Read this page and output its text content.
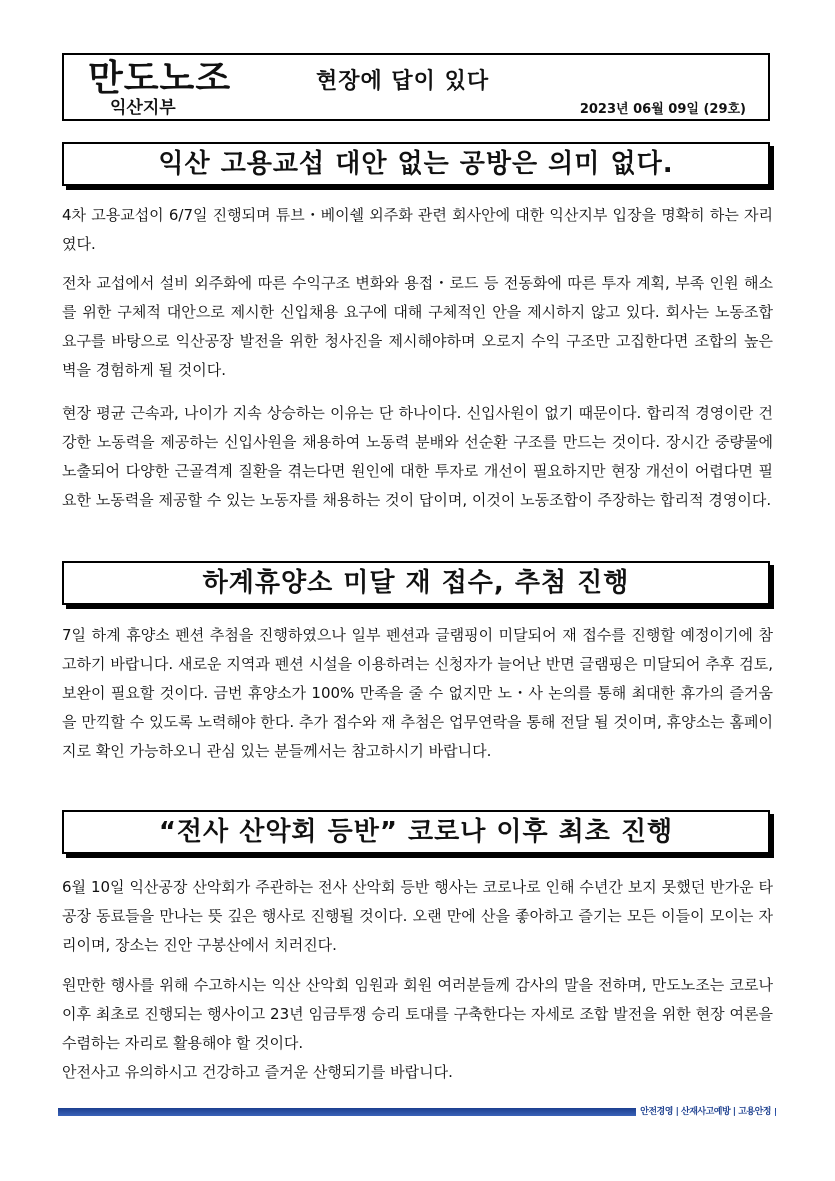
만도노조
익산지부
현장에 답이 있다
2023년 06월 09일 (29호)
익산 고용교섭 대안 없는 공방은 의미 없다.

4차 고용교섭이 6/7일 진행되며 튜브・베이쉘 외주화 관련 회사안에 대한 익산지부 입장을 명확히 하는 자리였다.

전차 교섭에서 설비 외주화에 따른 수익구조 변화와 용접・로드 등 전동화에 따른 투자 계획, 부족 인원 해소를 위한 구체적 대안으로 제시한 신입채용 요구에 대해 구체적인 안을 제시하지 않고 있다. 회사는 노동조합 요구를 바탕으로 익산공장 발전을 위한 청사진을 제시해야하며 오로지 수익 구조만 고집한다면 조합의 높은 벽을 경험하게 될 것이다.

현장 평균 근속과, 나이가 지속 상승하는 이유는 단 하나이다. 신입사원이 없기 때문이다. 합리적 경영이란 건강한 노동력을 제공하는 신입사원을 채용하여 노동력 분배와 선순환 구조를 만드는 것이다. 장시간 중량물에 노출되어 다양한 근골격계 질환을 겪는다면 원인에 대한 투자로 개선이 필요하지만 현장 개선이 어렵다면 필요한 노동력을 제공할 수 있는 노동자를 채용하는 것이 답이며, 이것이 노동조합이 주장하는 합리적 경영이다.

하계휴양소 미달 재 접수, 추첨 진행

7일 하계 휴양소 펜션 추첨을 진행하였으나 일부 펜션과 글램핑이 미달되어 재 접수를 진행할 예정이기에 참고하기 바랍니다. 새로운 지역과 펜션 시설을 이용하려는 신청자가 늘어난 반면 글램핑은 미달되어 추후 검토, 보완이 필요할 것이다. 금번 휴양소가 100% 만족을 줄 수 없지만 노・사 논의를 통해 최대한 휴가의 즐거움을 만끽할 수 있도록 노력해야 한다. 추가 접수와 재 추첨은 업무연락을 통해 전달 될 것이며, 휴양소는 홈페이지로 확인 가능하오니 관심 있는 분들께서는 참고하시기 바랍니다.

“전사 산악회 등반” 코로나 이후 최초 진행

6월 10일 익산공장 산악회가 주관하는 전사 산악회 등반 행사는 코로나로 인해 수년간 보지 못했던 반가운 타 공장 동료들을 만나는 뜻 깊은 행사로 진행될 것이다. 오랜 만에 산을 좋아하고 즐기는 모든 이들이 모이는 자리이며, 장소는 진안 구봉산에서 치러진다.

원만한 행사를 위해 수고하시는 익산 산악회 임원과 회원 여러분들께 감사의 말을 전하며, 만도노조는 코로나 이후 최초로 진행되는 행사이고 23년 임금투쟁 승리 토대를 구축한다는 자세로 조합 발전을 위한 현장 여론을 수렴하는 자리로 활용해야 할 것이다.

안전사고 유의하시고 건강하고 즐거운 산행되기를 바랍니다.

안전경영 | 산재사고예방 | 고용안정
